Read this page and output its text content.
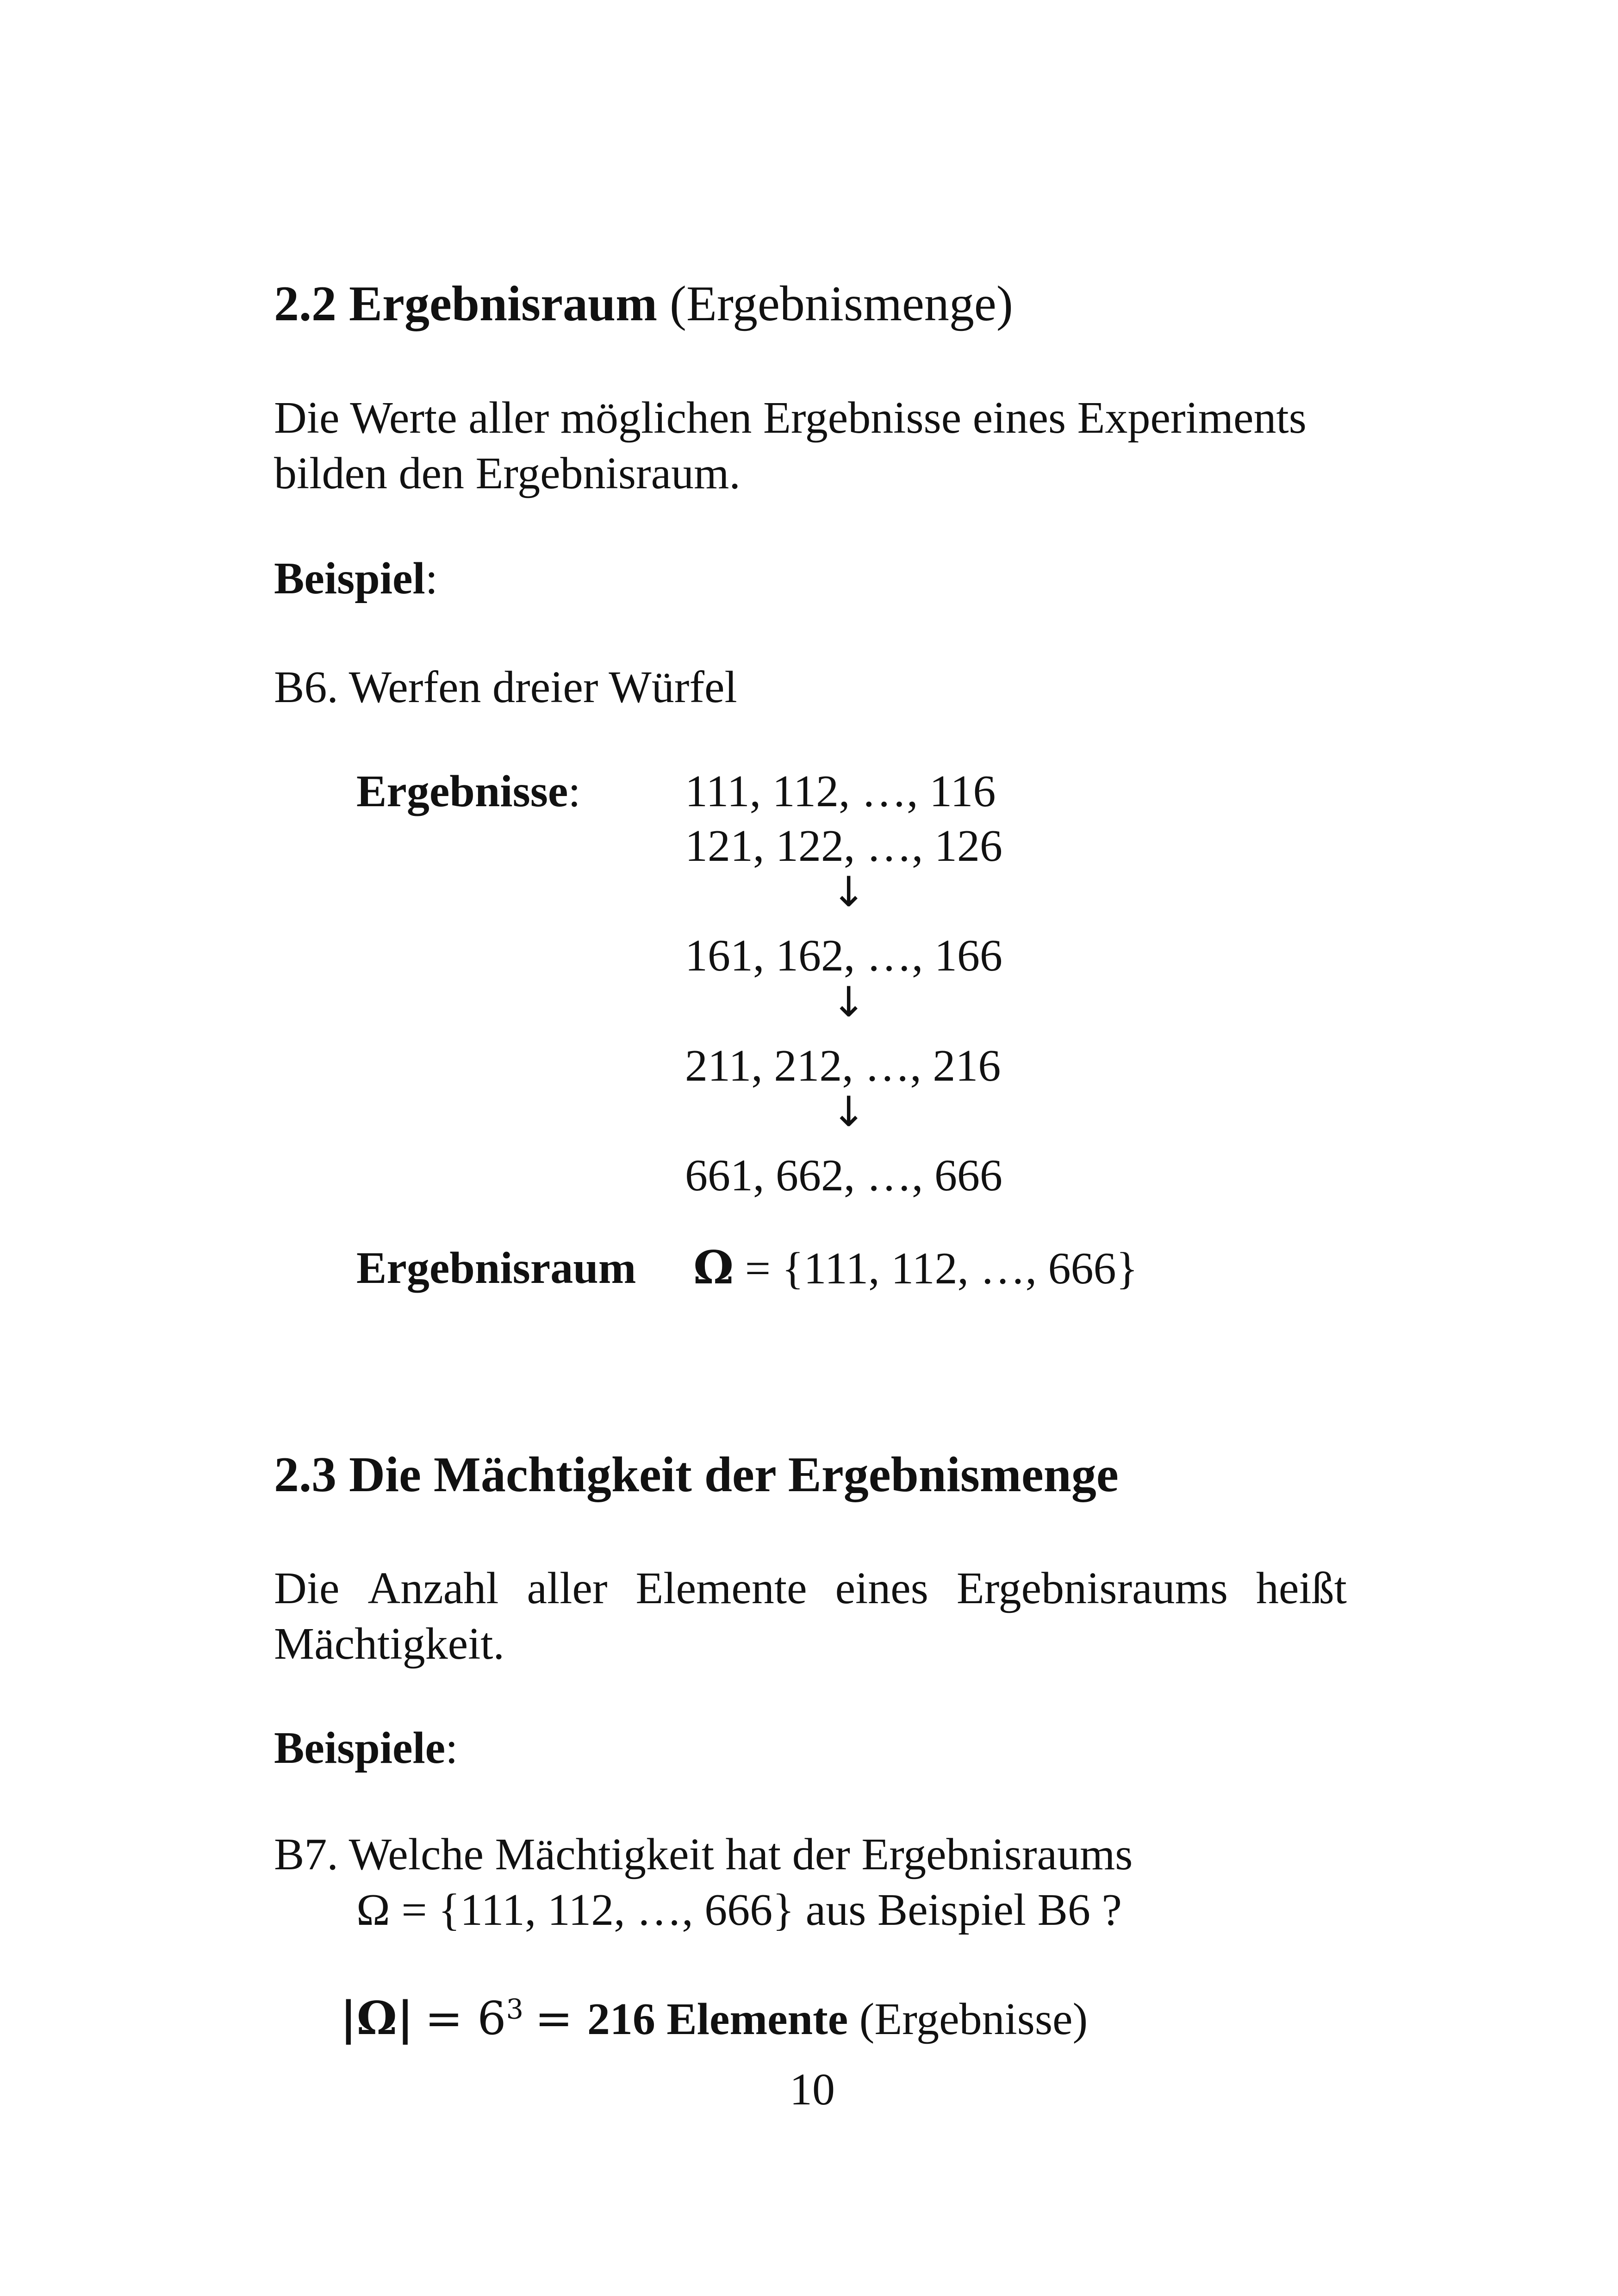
2.2 Ergebnisraum (Ergebnismenge)
Die Werte aller möglichen Ergebnisse eines Experiments
bilden den Ergebnisraum.
Beispiel:
B6. Werfen dreier Würfel
Ergebnisse: 111, 112, …, 116
121, 122, …, 126
↓
161, 162, …, 166
↓
211, 212, …, 216
↓
661, 662, …, 666
Ergebnisraum Ω = {111, 112, …, 666}
2.3 Die Mächtigkeit der Ergebnismenge
Die Anzahl aller Elemente eines Ergebnisraums heißt
Mächtigkeit.
Beispiele:
B7. Welche Mächtigkeit hat der Ergebnisraums
Ω = {111, 112, …, 666} aus Beispiel B6 ?
$|\Omega| = 6^3 = 216$ Elemente (Ergebnisse)
10
